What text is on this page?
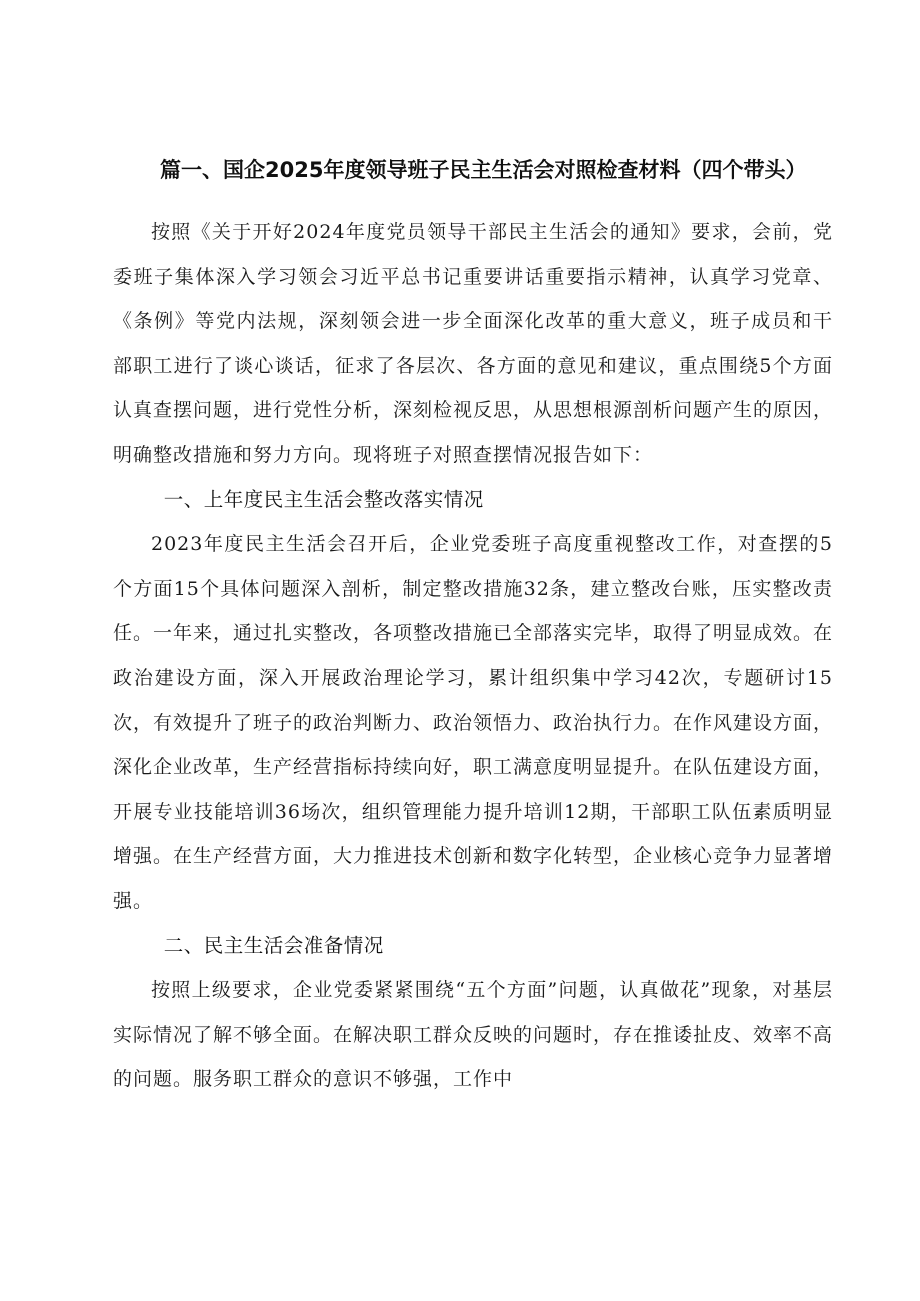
篇一、国企2025年度领导班子民主生活会对照检查材料（四个带头）

按照《关于开好2024年度党员领导干部民主生活会的通知》要求，会前，党委班子集体深入学习领会习近平总书记重要讲话重要指示精神，认真学习党章、《条例》等党内法规，深刻领会进一步全面深化改革的重大意义，班子成员和干部职工进行了谈心谈话，征求了各层次、各方面的意见和建议，重点围绕5个方面认真查摆问题，进行党性分析，深刻检视反思，从思想根源剖析问题产生的原因，明确整改措施和努力方向。现将班子对照查摆情况报告如下：

一、上年度民主生活会整改落实情况

2023年度民主生活会召开后，企业党委班子高度重视整改工作，对查摆的5个方面15个具体问题深入剖析，制定整改措施32条，建立整改台账，压实整改责任。一年来，通过扎实整改，各项整改措施已全部落实完毕，取得了明显成效。在政治建设方面，深入开展政治理论学习，累计组织集中学习42次，专题研讨15次，有效提升了班子的政治判断力、政治领悟力、政治执行力。在作风建设方面，深化企业改革，生产经营指标持续向好，职工满意度明显提升。在队伍建设方面，开展专业技能培训36场次，组织管理能力提升培训12期，干部职工队伍素质明显增强。在生产经营方面，大力推进技术创新和数字化转型，企业核心竞争力显著增强。

二、民主生活会准备情况

按照上级要求，企业党委紧紧围绕“五个方面”问题，认真做花”现象，对基层实际情况了解不够全面。在解决职工群众反映的问题时，存在推诿扯皮、效率不高的问题。服务职工群众的意识不够强，工作中
